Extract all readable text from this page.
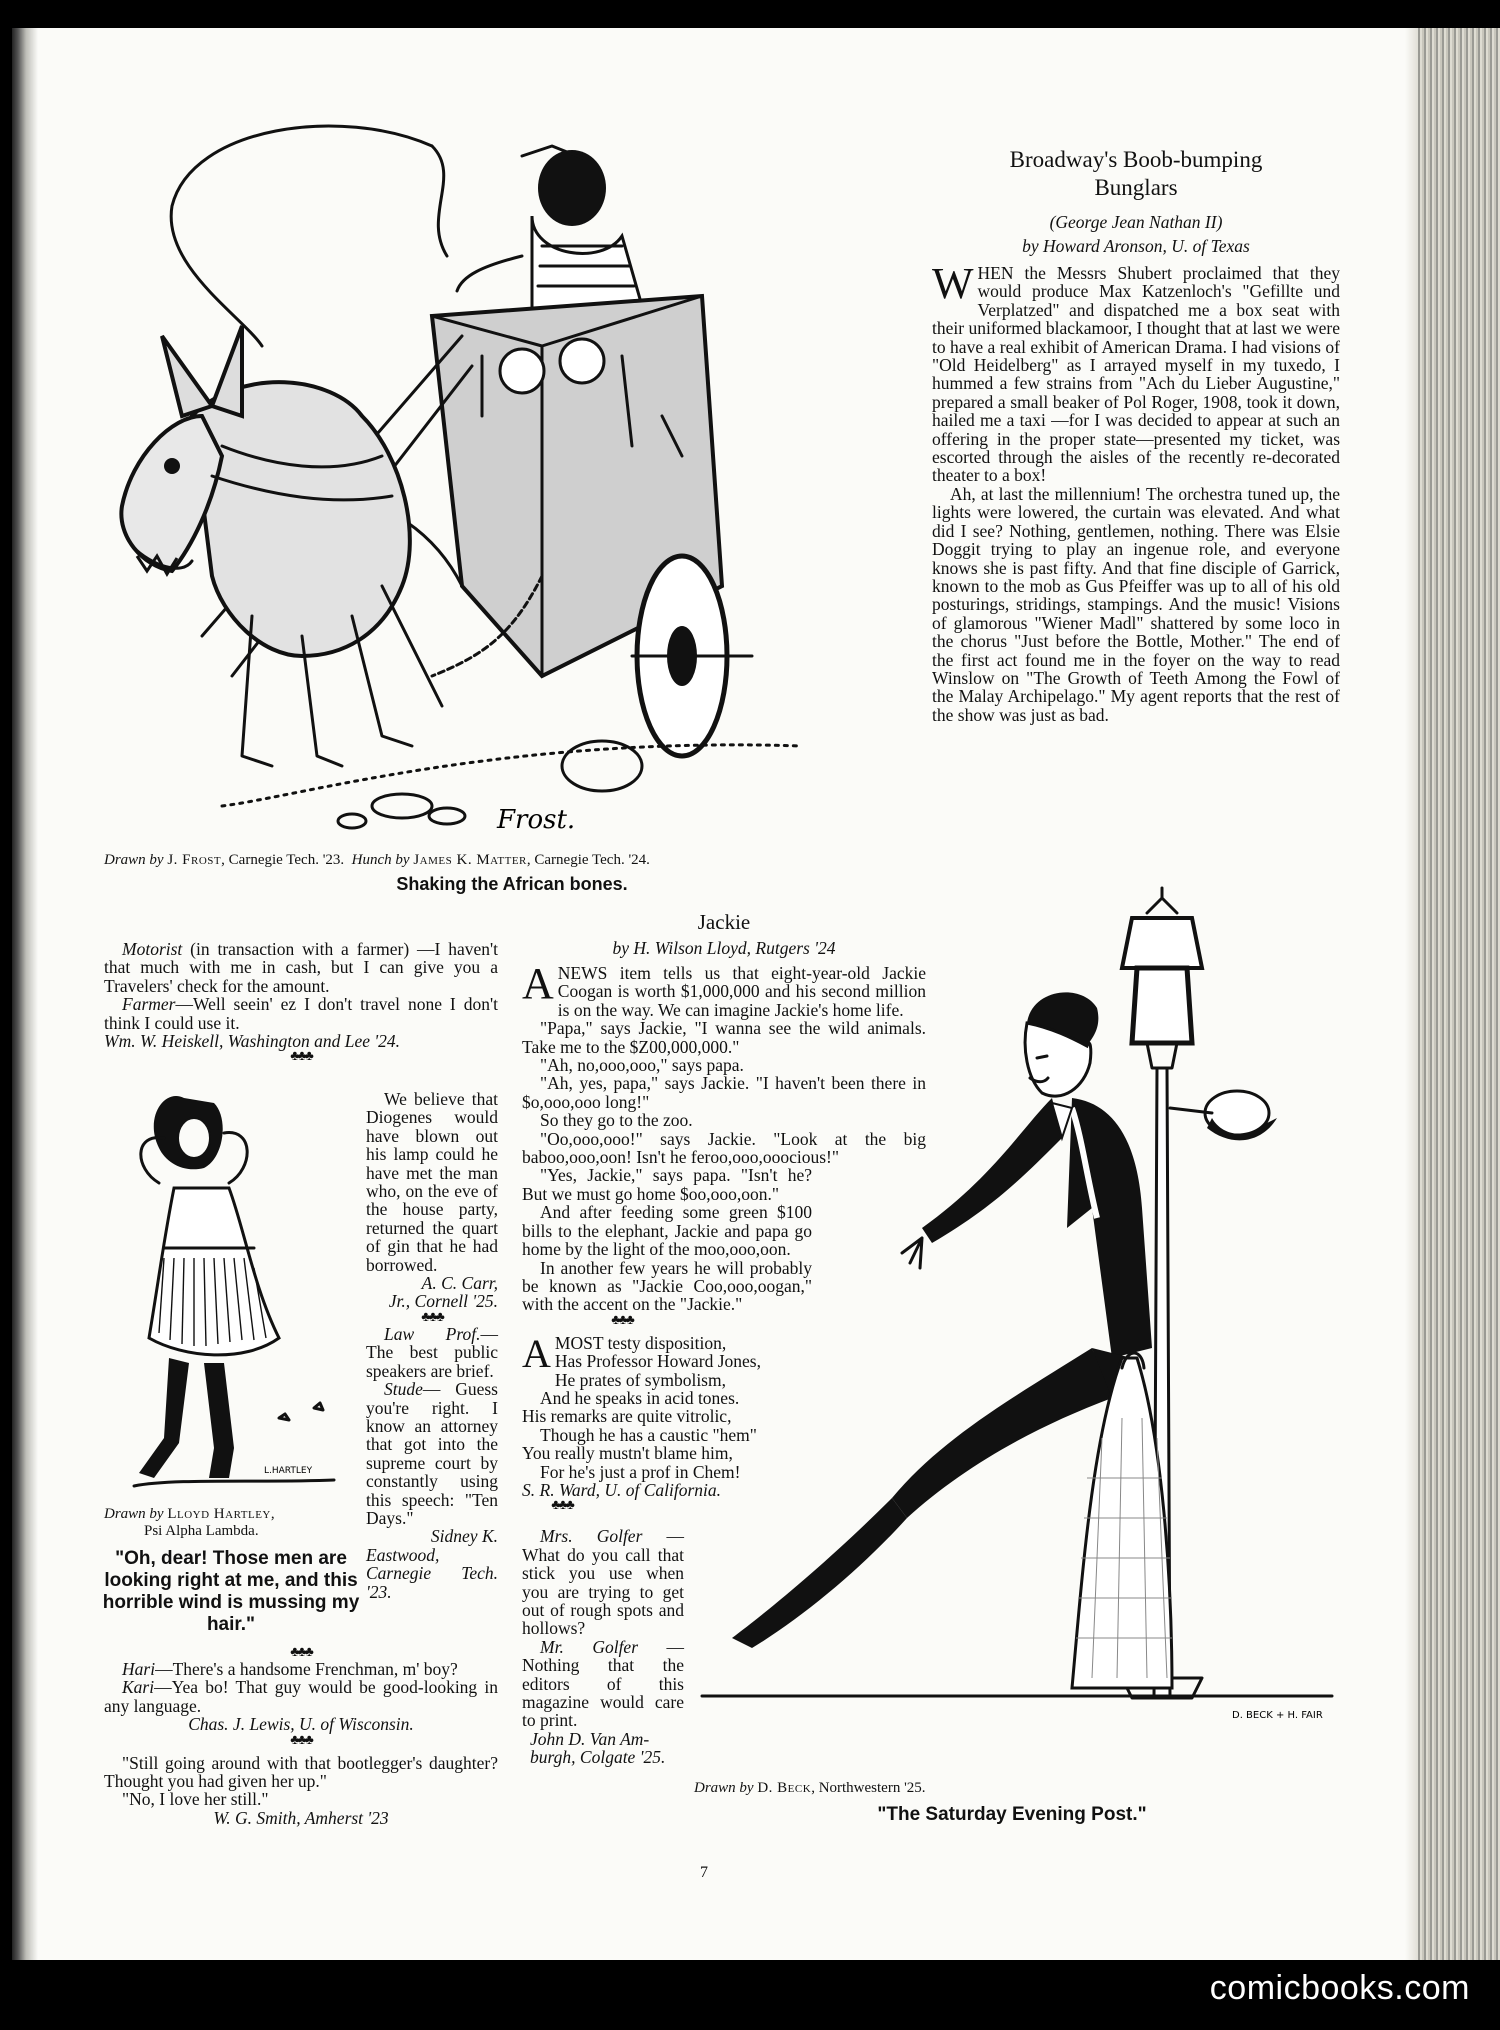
Frost.
Drawn by J. Frost, Carnegie Tech. '23. Hunch by James K. Matter, Carnegie Tech. '24.
Shaking the African bones.
Broadway's Boob-bumping
Bunglars
(George Jean Nathan II)
by Howard Aronson, U. of Texas

WHEN the Messrs Shubert proclaimed that they would produce Max Katzenloch's "Gefillte und Verplatzed" and dispatched me a box seat with their uniformed blackamoor, I thought that at last we were to have a real exhibit of American Drama. I had visions of "Old Heidelberg" as I arrayed myself in my tuxedo, I hummed a few strains from "Ach du Lieber Augustine," prepared a small beaker of Pol Roger, 1908, took it down, hailed me a taxi —for I was decided to appear at such an offering in the proper state—presented my ticket, was escorted through the aisles of the recently re-decorated theater to a box!

Ah, at last the millennium! The orchestra tuned up, the lights were lowered, the curtain was elevated. And what did I see? Nothing, gentlemen, nothing. There was Elsie Doggit trying to play an ingenue role, and everyone knows she is past fifty. And that fine disciple of Garrick, known to the mob as Gus Pfeiffer was up to all of his old posturings, stridings, stampings. And the music! Visions of glamorous "Wiener Madl" shattered by some loco in the chorus "Just before the Bottle, Mother." The end of the first act found me in the foyer on the way to read Winslow on "The Growth of Teeth Among the Fowl of the Malay Archipelago." My agent reports that the rest of the show was just as bad.

Motorist (in transaction with a farmer) —I haven't that much with me in cash, but I can give you a Travelers' check for the amount.

Farmer—Well seein' ez I don't travel none I don't think I could use it.

Wm. W. Heiskell, Washington and Lee '24.

♣♣♣
L.HARTLEY

We believe that Diogenes would have blown out his lamp could he have met the man who, on the eve of the house party, returned the quart of gin that he had borrowed.

A. C. Carr,

Jr., Cornell '25.

♣♣♣

Law Prof.— The best public speakers are brief.

Stude— Guess you're right. I know an attorney that got into the supreme court by constantly using this speech: "Ten Days."

Sidney K.

Eastwood, Carnegie Tech. '23.

Drawn by Lloyd Hartley,
Psi Alpha Lambda.
"Oh, dear! Those men are looking right at me, and this horrible wind is mussing my hair."
♣♣♣

Hari—There's a handsome Frenchman, m' boy?

Kari—Yea bo! That guy would be good-looking in any language.

Chas. J. Lewis, U. of Wisconsin.

♣♣♣

"Still going around with that bootlegger's daughter? Thought you had given her up."

"No, I love her still."

W. G. Smith, Amherst '23

Jackie
by H. Wilson Lloyd, Rutgers '24

ANEWS item tells us that eight-year-old Jackie Coogan is worth $1,000,000 and his second million is on the way. We can imagine Jackie's home life.

"Papa," says Jackie, "I wanna see the wild animals. Take me to the $Z00,000,000."

"Ah, no,ooo,ooo," says papa.

"Ah, yes, papa," says Jackie. "I haven't been there in $o,ooo,ooo long!"

So they go to the zoo.

"Oo,ooo,ooo!" says Jackie. "Look at the big baboo,ooo,oon! Isn't he feroo,ooo,ooocious!"

"Yes, Jackie," says papa. "Isn't he? But we must go home $oo,ooo,oon."

And after feeding some green $100 bills to the elephant, Jackie and papa go home by the light of the moo,ooo,oon.

In another few years he will probably be known as "Jackie Coo,ooo,oogan," with the accent on the "Jackie."

♣♣♣

AMOST testy disposition,
Has Professor Howard Jones,

He prates of symbolism,

And he speaks in acid tones.

His remarks are quite vitrolic,

Though he has a caustic "hem"

You really mustn't blame him,

For he's just a prof in Chem!

S. R. Ward, U. of California.

♣♣♣

Mrs. Golfer — What do you call that stick you use when you are trying to get out of rough spots and hollows?

Mr. Golfer — Nothing that the editors of this magazine would care to print.

John D. Van Am-

burgh, Colgate '25.

D. BECK + H. FAIR
Drawn by D. Beck, Northwestern '25.
"The Saturday Evening Post."
7
comicbooks.com
